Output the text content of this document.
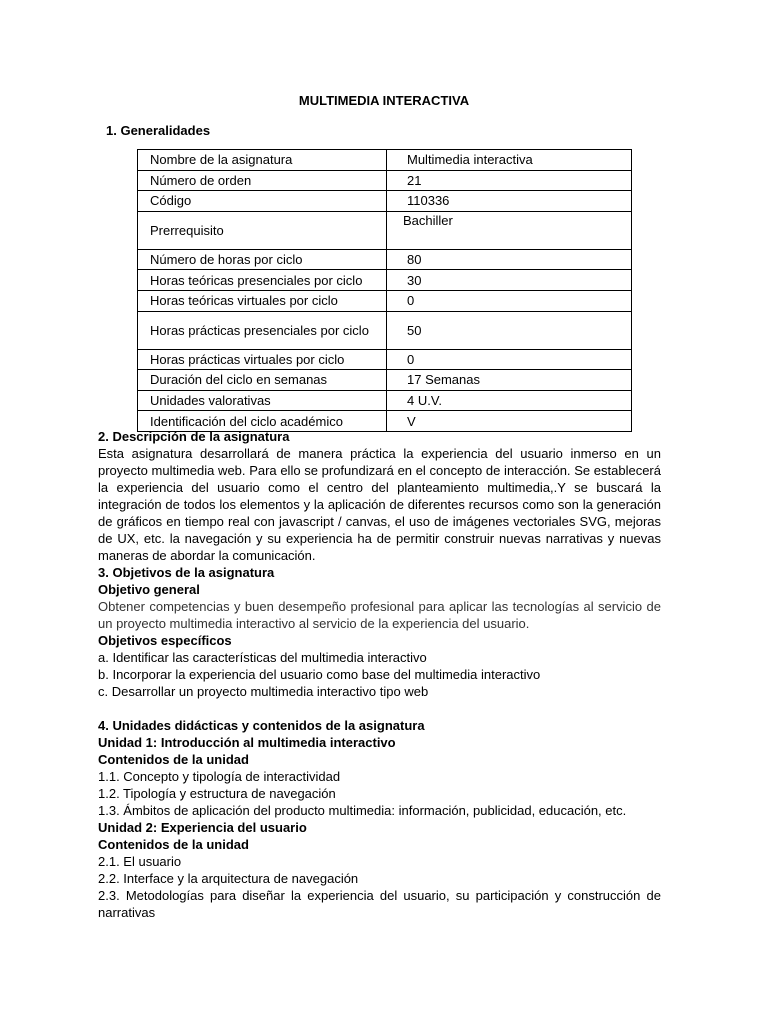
MULTIMEDIA INTERACTIVA
1. Generalidades
Nombre de la asignatura	Multimedia interactiva
Número de orden	21
Código	110336
Prerrequisito	Bachiller
Número de horas por ciclo	80
Horas teóricas presenciales por ciclo	30
Horas teóricas virtuales por ciclo	0
Horas prácticas presenciales por ciclo	50
Horas prácticas virtuales por ciclo	0
Duración del ciclo en semanas	17 Semanas
Unidades valorativas	4 U.V.
Identificación del ciclo académico	V
2. Descripción de la asignatura
Esta asignatura desarrollará de manera práctica la experiencia del usuario inmerso en un proyecto multimedia web. Para ello se profundizará en el concepto de interacción. Se establecerá la experiencia del usuario como el centro del planteamiento multimedia,.Y se buscará la integración de todos los elementos y la aplicación de diferentes recursos como son la generación de gráficos en tiempo real con javascript / canvas, el uso de imágenes vectoriales SVG, mejoras de UX, etc. la navegación y su experiencia ha de permitir construir nuevas narrativas y nuevas maneras de abordar la comunicación.
3. Objetivos de la asignatura
Objetivo general
Obtener competencias y buen desempeño profesional para aplicar las tecnologías al servicio de un proyecto multimedia interactivo al servicio de la experiencia del usuario.
Objetivos específicos
a. Identificar las características del multimedia interactivo
b. Incorporar la experiencia del usuario como base del multimedia interactivo
c. Desarrollar un proyecto multimedia interactivo tipo web
4. Unidades didácticas y contenidos de la asignatura
Unidad 1: Introducción al multimedia interactivo
Contenidos de la unidad
1.1. Concepto y tipología de interactividad
1.2. Tipología y estructura de navegación
1.3. Ámbitos de aplicación del producto multimedia: información, publicidad, educación, etc.
Unidad 2: Experiencia del usuario
Contenidos de la unidad
2.1. El usuario
2.2. Interface y la arquitectura de navegación
2.3. Metodologías para diseñar la experiencia del usuario, su participación y construcción de narrativas
